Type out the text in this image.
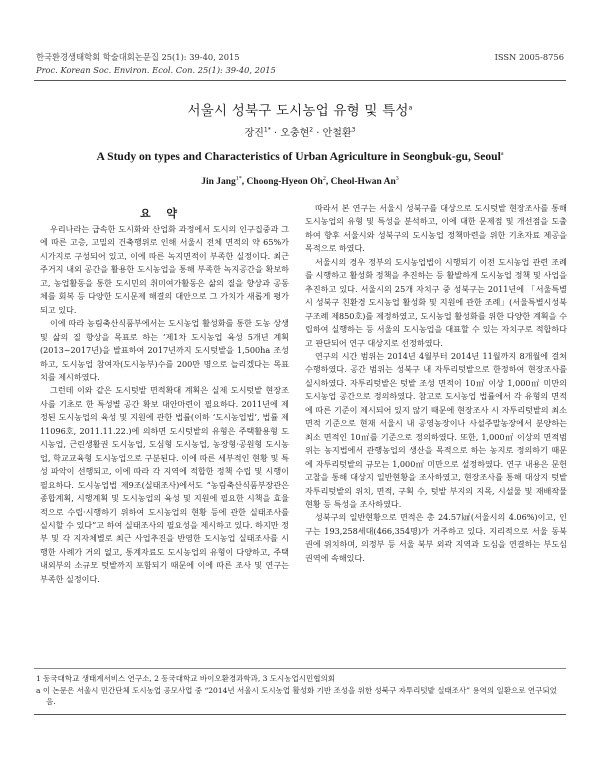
한국환경생태학회 학술대회논문집 25(1): 39-40, 2015
Proc. Korean Soc. Environ. Ecol. Con. 25(1): 39-40, 2015
ISSN 2005-8756
서울시 성북구 도시농업 유형 및 특성$^a$
장진$^{1*}$ · 오충현$^2$ · 안철환$^3$
A Study on types and Characteristics of Urban Agriculture in Seongbuk-gu, Seoul$^a$
Jin Jang$^{1*}$, Choong-Hyeon Oh$^2$, Cheol-Hwan An$^3$
요 약

우리나라는 급속한 도시화와 산업화 과정에서 도시의 인구집중과 그에 따른 고층, 고밀의 건축행위로 인해 서울시 전체 면적의 약 65%가 시가지로 구성되어 있고, 이에 따른 녹지면적이 부족한 실정이다. 최근 주거지 내외 공간을 활용한 도시농업을 통해 부족한 녹지공간을 확보하고, 농업활동을 통한 도시민의 취미여가활동은 삶의 질을 향상과 공동체를 회복 등 다양한 도시문제 해결의 대안으로 그 가치가 새롭게 평가되고 있다.

이에 따라 농림축산식품부에서는 도시농업 활성화를 통한 도농 상생 및 삶의 질 향상을 목표로 하는 ‘제1차 도시농업 육성 5개년 계획(2013~2017년)을 발표하여 2017년까지 도시텃밭을 1,500ha 조성하고, 도시농업 참여자(도시농부)수를 200만 명으로 늘리겠다는 목표치를 제시하였다.

그런데 이와 같은 도시텃밭 면적확대 계획은 실제 도시텃밭 현장조사를 기초로 한 특성별 공간 확보 대안마련이 필요하다. 2011년에 제정된 도시농업의 육성 및 지원에 관한 법률(이하 ‘도시농업법’, 법률 제11096호, 2011.11.22.)에 의하면 도시텃밭의 유형은 주택활용형 도시농업, 근린생활권 도시농업, 도심형 도시농업, 농장형·공원형 도시농업, 학교교육형 도시농업으로 구분된다. 이에 따른 세부적인 현황 및 특성 파악이 선행되고, 이에 따라 각 지역에 적합한 정책 수립 및 시행이 필요하다. 도시농업법 제9조(실태조사)에서도 “농림축산식품부장관은 종합계획, 시행계획 및 도시농업의 육성 및 지원에 필요한 시책을 효율적으로 수립·시행하기 위하여 도시농업의 현황 등에 관한 실태조사를 실시할 수 있다”고 하여 실태조사의 필요성을 제시하고 있다. 하지만 정부 및 각 지자체별로 최근 사업추진을 반영한 도시농업 실태조사를 시행한 사례가 거의 없고, 통계자료도 도시농업의 유형이 다양하고, 주택 내외부의 소규모 텃밭까지 포함되기 때문에 이에 따른 조사 및 연구는 부족한 실정이다.

따라서 본 연구는 서울시 성북구를 대상으로 도시텃밭 현장조사를 통해 도시농업의 유형 및 특성을 분석하고, 이에 대한 문제점 및 개선점을 도출하여 향후 서울시와 성북구의 도시농업 정책마련을 위한 기초자료 제공을 목적으로 하였다.

서울시의 경우 정부의 도시농업법이 시행되기 이전 도시농업 관련 조례를 시행하고 활성화 정책을 추진하는 등 활발하게 도시농업 정책 및 사업을 추진하고 있다. 서울시의 25개 자치구 중 성북구는 2011년에 「서울특별시 성북구 친환경 도시농업 활성화 및 지원에 관한 조례」(서울특별시성북구조례 제850호)를 제정하였고, 도시농업 활성화를 위한 다양한 계획을 수립하여 실행하는 등 서울의 도시농업을 대표할 수 있는 자치구로 적합하다고 판단되어 연구 대상지로 선정하였다.

연구의 시간 범위는 2014년 4월부터 2014년 11월까지 8개월에 걸쳐 수행하였다. 공간 범위는 성북구 내 자투리텃밭으로 한정하여 현장조사를 실시하였다. 자투리텃밭은 텃밭 조성 면적이 10㎡ 이상 1,000㎡ 미만의 도시농업 공간으로 정의하였다. 참고로 도시농업 법률에서 각 유형의 면적에 따른 기준이 제시되어 있지 않기 때문에 현장조사 시 자투리텃밭의 최소 면적 기준으로 현재 서울시 내 공영농장이나 사설주말농장에서 분양하는 최소 면적인 10㎡를 기준으로 정의하였다. 또한, 1,000㎡ 이상의 면적범위는 농지법에서 관행농업의 생산을 목적으로 하는 농지로 정의하기 때문에 자투리텃밭의 규모는 1,000㎡ 미만으로 설정하였다. 연구 내용은 문헌고찰을 통해 대상지 일반현황을 조사하였고, 현장조사를 통해 대상지 텃밭 자투리텃밭의 위치, 면적, 구획 수, 텃밭 부지의 지목, 시설물 및 재배작물 현황 등 특성을 조사하였다.

성북구의 일반현황으로 면적은 총 24.57㎢(서울시의 4.06%)이고, 인구는 193,258세대(466,354명)가 거주하고 있다. 지리적으로 서울 동북권에 위치하며, 의정부 등 서울 북부 외곽 지역과 도심을 연결하는 부도심권역에 속해있다.

1 동국대학교 생태계서비스 연구소, 2 동국대학교 바이오환경과학과, 3 도시농업시민협의회
a 이 논문은 서울시 민간단체 도시농업 공모사업 중 “2014년 서울시 도시농업 활성화 기반 조성을 위한 성북구 자투리텃밭 실태조사” 용역의 일환으로 연구되었음.
